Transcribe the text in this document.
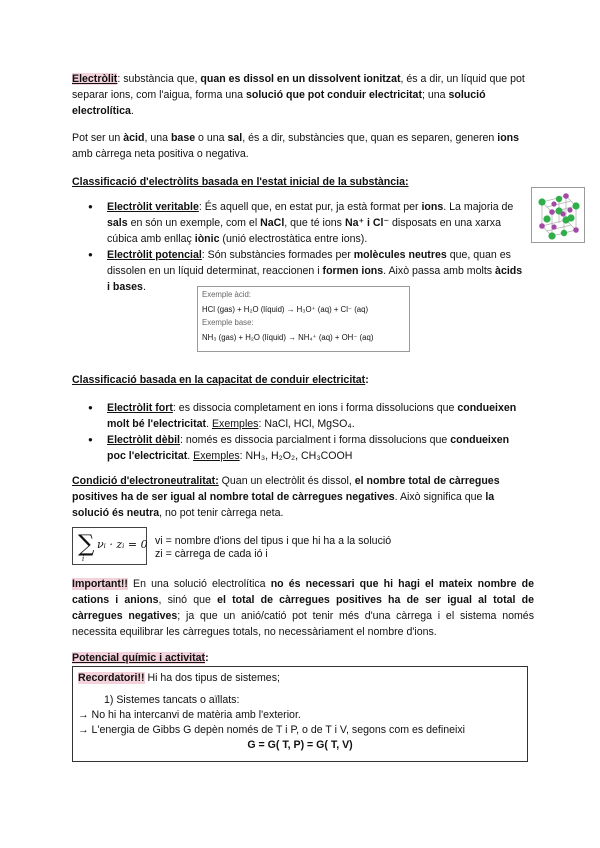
Electròlit: substància que, quan es dissol en un dissolvent ionitzat, és a dir, un líquid que pot separar ions, com l'aigua, forma una solució que pot conduir electricitat; una solució electrolítica.

Pot ser un àcid, una base o una sal, és a dir, substàncies que, quan es separen, generen ions amb càrrega neta positiva o negativa.

Classificació d'electròlits basada en l'estat inicial de la substància:

● Electròlit veritable: És aquell que, en estat pur, ja està format per ions. La majoria de sals en són un exemple, com el NaCl, que té ions Na⁺ i Cl⁻ disposats en una xarxa cúbica amb enllaç iònic (unió electrostàtica entre ions).
● Electròlit potencial: Són substàncies formades per molècules neutres que, quan es dissolen en un líquid determinat, reaccionen i formen ions. Això passa amb molts àcids i bases.
Exemple àcid:
HCl (gas) + H₂O (líquid) → H₃O⁺ (aq) + Cl⁻ (aq)
Exemple base:
NH₃ (gas) + H₂O (líquid) → NH₄⁺ (aq) + OH⁻ (aq)

Classificació basada en la capacitat de conduir electricitat:

● Electròlit fort: es dissocia completament en ions i forma dissolucions que condueixen molt bé l'electricitat. Exemples: NaCl, HCl, MgSO₄.
● Electròlit dèbil: només es dissocia parcialment i forma dissolucions que condueixen poc l'electricitat. Exemples: NH₃, H₂O₂, CH₃COOH

Condició d'electroneutralitat: Quan un electròlit és dissol, el nombre total de càrregues positives ha de ser igual al nombre total de càrregues negatives. Això significa que la solució és neutra, no pot tenir càrrega neta.

∑
i
νᵢ · zᵢ = 0 vi = nombre d'ions del tipus i que hi ha a la solució
zi = càrrega de cada ió i

Important!! En una solució electrolítica no és necessari que hi hagi el mateix nombre de cations i anions, sinó que el total de càrregues positives ha de ser igual al total de càrregues negatives; ja que un anió/catió pot tenir més d'una càrrega i el sistema només necessita equilibrar les càrregues totals, no necessàriament el nombre d'ions.

Potencial químic i activitat:

Recordatori!! Hi ha dos tipus de sistemes;
1) Sistemes tancats o aïllats:
→ No hi ha intercanvi de matèria amb l'exterior.
→ L'energia de Gibbs G depèn només de T i P, o de T i V, segons com es defineixi
G = G( T, P) = G( T, V)
